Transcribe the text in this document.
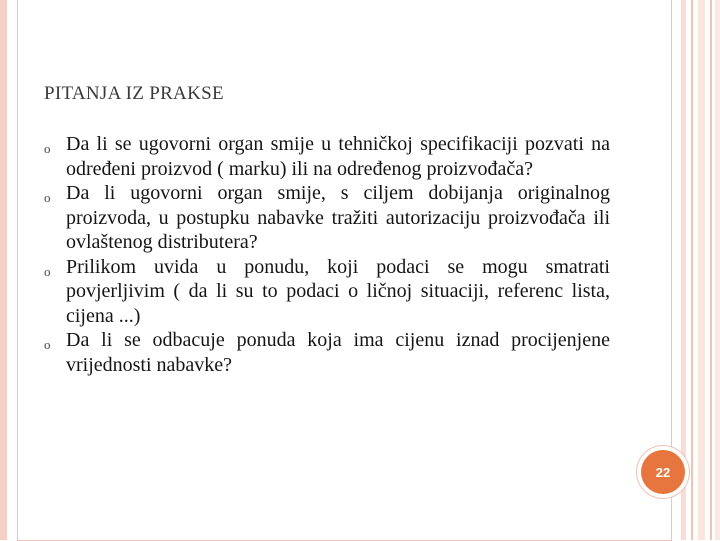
PITANJA IZ PRAKSE
o Da li se ugovorni organ smije u tehničkoj specifikaciji pozvati na određeni proizvod ( marku) ili na određenog proizvođača?
o Da li ugovorni organ smije, s ciljem dobijanja originalnog proizvoda, u postupku nabavke tražiti autorizaciju proizvođača ili ovlaštenog distributera?
o Prilikom uvida u ponudu, koji podaci se mogu smatrati povjerljivim ( da li su to podaci o ličnoj situaciji, referenc lista, cijena ...)
o Da li se odbacuje ponuda koja ima cijenu iznad procijenjene vrijednosti nabavke?
22
